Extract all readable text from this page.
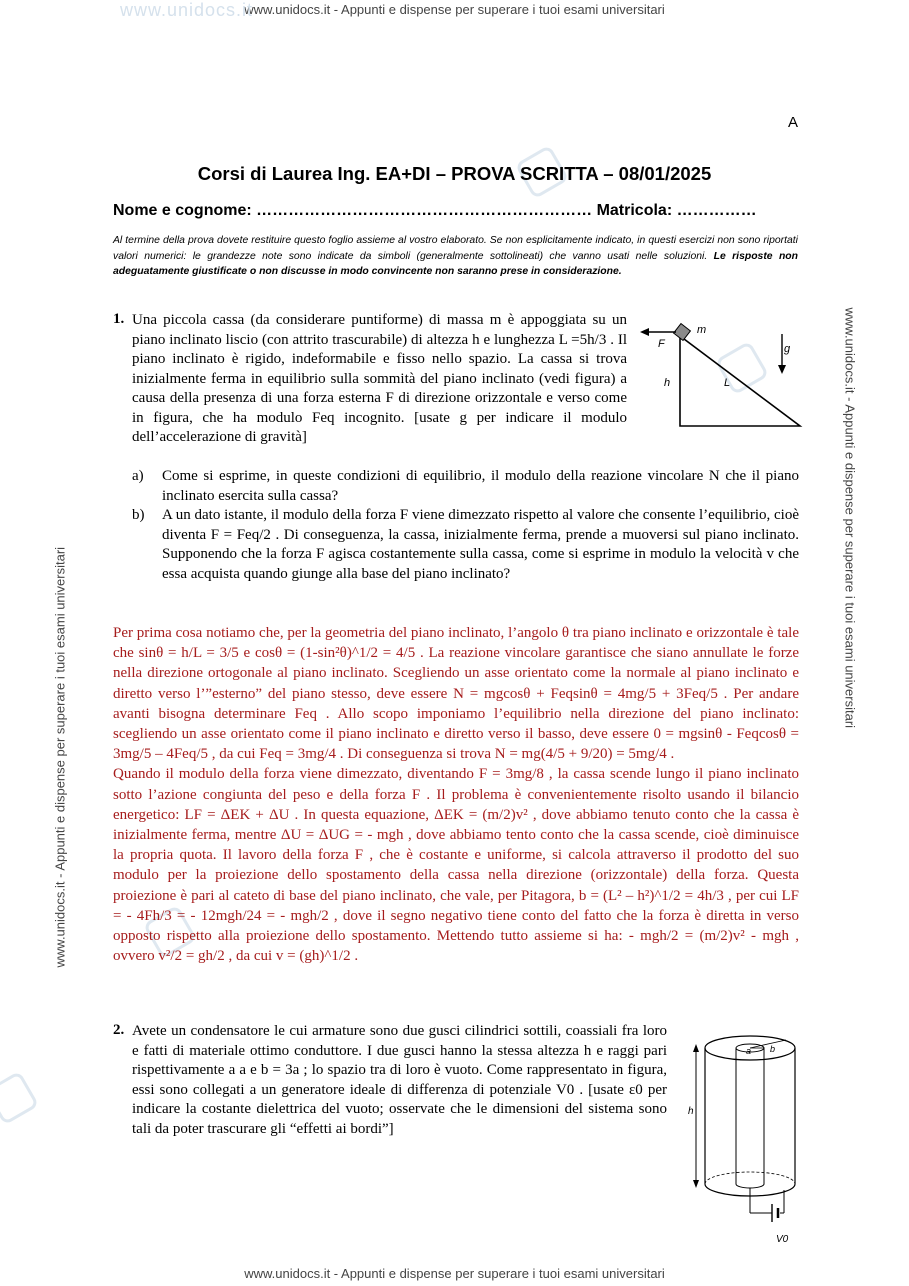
www.unidocs.it
www.unidocs.it - Appunti e dispense per superare i tuoi esami universitari
www.unidocs.it - Appunti e dispense per superare i tuoi esami universitari
www.unidocs.it - Appunti e dispense per superare i tuoi esami universitari
www.unidocs.it - Appunti e dispense per superare i tuoi esami universitari
A
Corsi di Laurea Ing. EA+DI – PROVA SCRITTA – 08/01/2025
Nome e cognome: ……………………………………………………… Matricola: ……………
Al termine della prova dovete restituire questo foglio assieme al vostro elaborato. Se non esplicitamente indicato, in questi esercizi non sono riportati valori numerici: le grandezze note sono indicate da simboli (generalmente sottolineati) che vanno usati nelle soluzioni. Le risposte non adeguatamente giustificate o non discusse in modo convincente non saranno prese in considerazione.
1. Una piccola cassa (da considerare puntiforme) di massa m è appoggiata su un piano inclinato liscio (con attrito trascurabile) di altezza h e lunghezza L =5h/3 . Il piano inclinato è rigido, indeformabile e fisso nello spazio. La cassa si trova inizialmente ferma in equilibrio sulla sommità del piano inclinato (vedi figura) a causa della presenza di una forza esterna F di direzione orizzontale e verso come in figura, che ha modulo Feq incognito. [usate g per indicare il modulo dell’accelerazione di gravità]
m
F	g
h	L
a) Come si esprime, in queste condizioni di equilibrio, il modulo della reazione vincolare N che il piano inclinato esercita sulla cassa?
b) A un dato istante, il modulo della forza F viene dimezzato rispetto al valore che consente l’equilibrio, cioè diventa F = Feq/2 . Di conseguenza, la cassa, inizialmente ferma, prende a muoversi sul piano inclinato. Supponendo che la forza F agisca costantemente sulla cassa, come si esprime in modulo la velocità v che essa acquista quando giunge alla base del piano inclinato?

Per prima cosa notiamo che, per la geometria del piano inclinato, l’angolo θ tra piano inclinato e orizzontale è tale che sinθ = h/L = 3/5 e cosθ = (1-sin²θ)^1/2 = 4/5 . La reazione vincolare garantisce che siano annullate le forze nella direzione ortogonale al piano inclinato. Scegliendo un asse orientato come la normale al piano inclinato e diretto verso l’”esterno” del piano stesso, deve essere N = mgcosθ + Feqsinθ = 4mg/5 + 3Feq/5 . Per andare avanti bisogna determinare Feq . Allo scopo imponiamo l’equilibrio nella direzione del piano inclinato: scegliendo un asse orientato come il piano inclinato e diretto verso il basso, deve essere 0 = mgsinθ - Feqcosθ = 3mg/5 – 4Feq/5 , da cui Feq = 3mg/4 . Di conseguenza si trova N = mg(4/5 + 9/20) = 5mg/4 .

Quando il modulo della forza viene dimezzato, diventando F = 3mg/8 , la cassa scende lungo il piano inclinato sotto l’azione congiunta del peso e della forza F . Il problema è convenientemente risolto usando il bilancio energetico: LF = ΔEK + ΔU . In questa equazione, ΔEK = (m/2)v² , dove abbiamo tenuto conto che la cassa è inizialmente ferma, mentre ΔU = ΔUG = - mgh , dove abbiamo tento conto che la cassa scende, cioè diminuisce la propria quota. Il lavoro della forza F , che è costante e uniforme, si calcola attraverso il prodotto del suo modulo per la proiezione dello spostamento della cassa nella direzione (orizzontale) della forza. Questa proiezione è pari al cateto di base del piano inclinato, che vale, per Pitagora, b = (L² – h²)^1/2 = 4h/3 , per cui LF = - 4Fh/3 = - 12mgh/24 = - mgh/2 , dove il segno negativo tiene conto del fatto che la forza è diretta in verso opposto rispetto alla proiezione dello spostamento. Mettendo tutto assieme si ha: - mgh/2 = (m/2)v² - mgh , ovvero v²/2 = gh/2 , da cui v = (gh)^1/2 .

2. Avete un condensatore le cui armature sono due gusci cilindrici sottili, coassiali fra loro e fatti di materiale ottimo conduttore. I due gusci hanno la stessa altezza h e raggi pari rispettivamente a a e b = 3a ; lo spazio tra di loro è vuoto. Come rappresentato in figura, essi sono collegati a un generatore ideale di differenza di potenziale V0 . [usate ε0 per indicare la costante dielettrica del vuoto; osservate che le dimensioni del sistema sono tali da poter trascurare gli “effetti ai bordi”]
a b
h
V0
